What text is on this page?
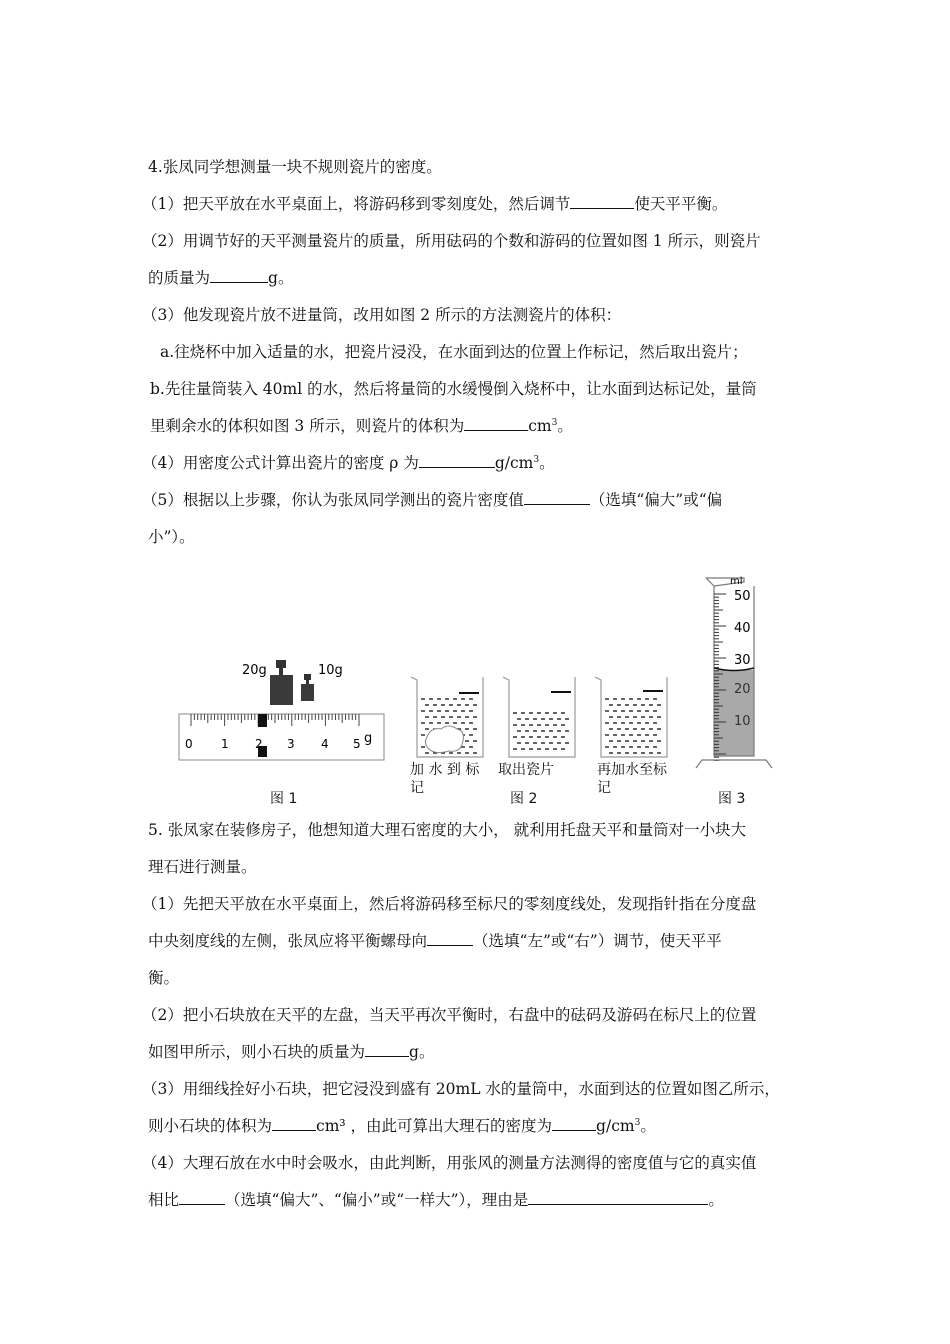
4.张凤同学想测量一块不规则瓷片的密度。
（1）把天平放在水平桌面上，将游码移到零刻度处，然后调节	使天平平衡。
（2）用调节好的天平测量瓷片的质量，所用砝码的个数和游码的位置如图 1 所示，则瓷片
的质量为	g。
（3）他发现瓷片放不进量筒，改用如图 2 所示的方法测瓷片的体积：
a.往烧杯中加入适量的水，把瓷片浸没，在水面到达的位置上作标记，然后取出瓷片；
b.先往量筒装入 40ml 的水，然后将量筒的水缓慢倒入烧杯中，让水面到达标记处，量筒
里剩余水的体积如图 3 所示，则瓷片的体积为	$cm^3$。
（4）用密度公式计算出瓷片的密度 ρ 为	$g/cm^3$。
（5）根据以上步骤，你认为张凤同学测出的瓷片密度值	（选填“偏大”或“偏
小”）。
20g	10g
0 1 2 3 4 5 g
图 1
加 水 到 标
记
取出瓷片	再加水至标
记
图 2
ml
50
40
30
20
10
图 3
5. 张凤家在装修房子，他想知道大理石密度的大小， 就利用托盘天平和量筒对一小块大
理石进行测量。
（1）先把天平放在水平桌面上，然后将游码移至标尺的零刻度线处，发现指针指在分度盘
中央刻度线的左侧，张凤应将平衡螺母向	（选填“左”或“右”）调节，使天平平
衡。
（2）把小石块放在天平的左盘，当天平再次平衡时，右盘中的砝码及游码在标尺上的位置
如图甲所示，则小石块的质量为	g。
（3）用细线拴好小石块，把它浸没到盛有 20mL 水的量筒中，水面到达的位置如图乙所示，
则小石块的体积为	cm³ ，由此可算出大理石的密度为	$g/cm^3$。
（4）大理石放在水中时会吸水，由此判断，用张风的测量方法测得的密度值与它的真实值
相比	（选填“偏大”、“偏小”或“一样大”），理由是	。
